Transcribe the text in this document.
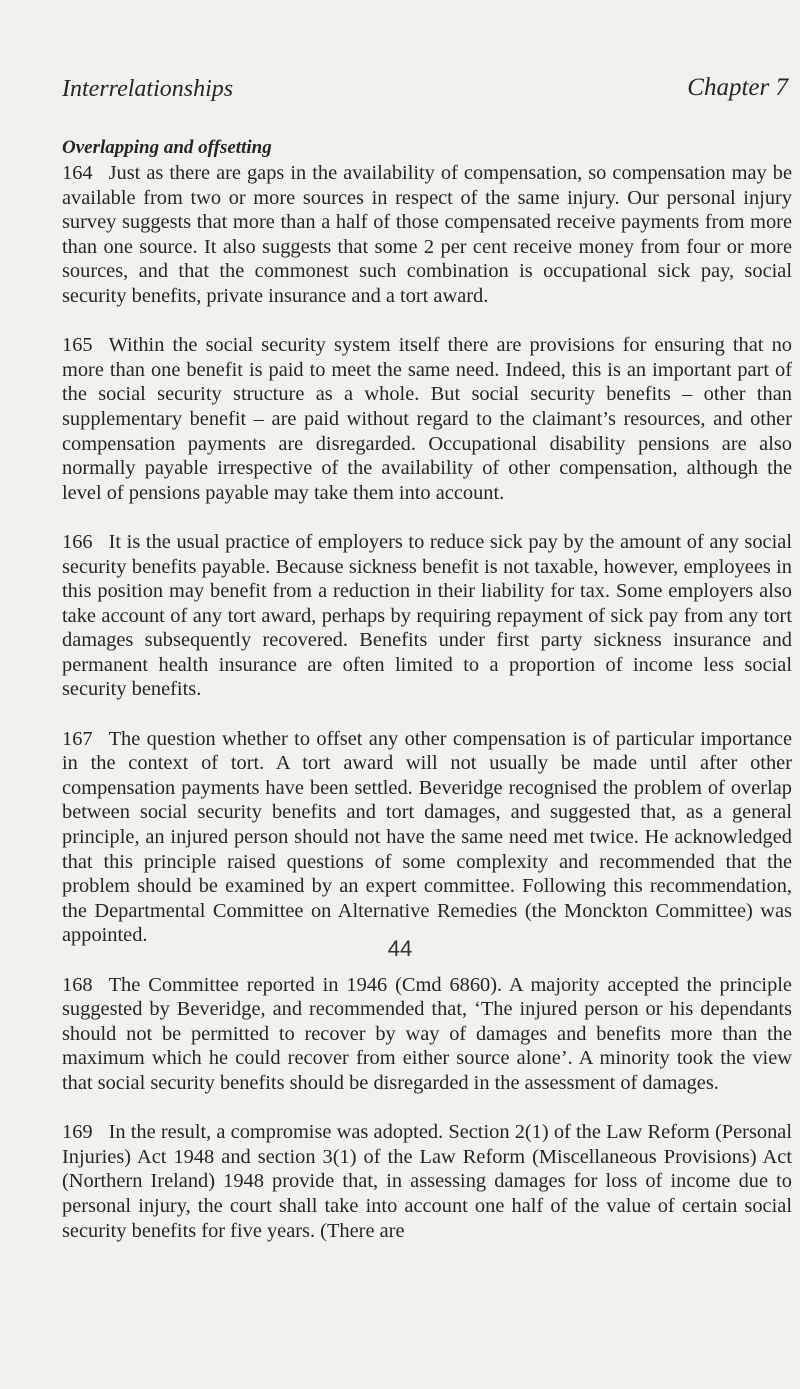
Interrelationships	Chapter 7
Overlapping and offsetting

164 Just as there are gaps in the availability of compensation, so compensation may be available from two or more sources in respect of the same injury. Our personal injury survey suggests that more than a half of those compensated receive payments from more than one source. It also suggests that some 2 per cent receive money from four or more sources, and that the commonest such combination is occupational sick pay, social security benefits, private insurance and a tort award.

165 Within the social security system itself there are provisions for ensuring that no more than one benefit is paid to meet the same need. Indeed, this is an important part of the social security structure as a whole. But social security benefits – other than supplementary benefit – are paid without regard to the claimant’s resources, and other compensation payments are disregarded. Occupational disability pensions are also normally payable irrespective of the availability of other compensation, although the level of pensions payable may take them into account.

166 It is the usual practice of employers to reduce sick pay by the amount of any social security benefits payable. Because sickness benefit is not taxable, however, employees in this position may benefit from a reduction in their liability for tax. Some employers also take account of any tort award, perhaps by requiring repayment of sick pay from any tort damages subsequently recovered. Benefits under first party sickness insurance and permanent health insurance are often limited to a proportion of income less social security benefits.

167 The question whether to offset any other compensation is of particular importance in the context of tort. A tort award will not usually be made until after other compensation payments have been settled. Beveridge recognised the problem of overlap between social security benefits and tort damages, and suggested that, as a general principle, an injured person should not have the same need met twice. He acknowledged that this principle raised questions of some complexity and recommended that the problem should be examined by an expert committee. Following this recommendation, the Departmental Committee on Alternative Remedies (the Monckton Committee) was appointed.

168 The Committee reported in 1946 (Cmd 6860). A majority accepted the principle suggested by Beveridge, and recommended that, ‘The injured person or his dependants should not be permitted to recover by way of damages and benefits more than the maximum which he could recover from either source alone’. A minority took the view that social security benefits should be disregarded in the assessment of damages.

169 In the result, a compromise was adopted. Section 2(1) of the Law Reform (Personal Injuries) Act 1948 and section 3(1) of the Law Reform (Miscellaneous Provisions) Act (Northern Ireland) 1948 provide that, in assessing damages for loss of income due to personal injury, the court shall take into account one half of the value of certain social security benefits for five years. (There are

44
